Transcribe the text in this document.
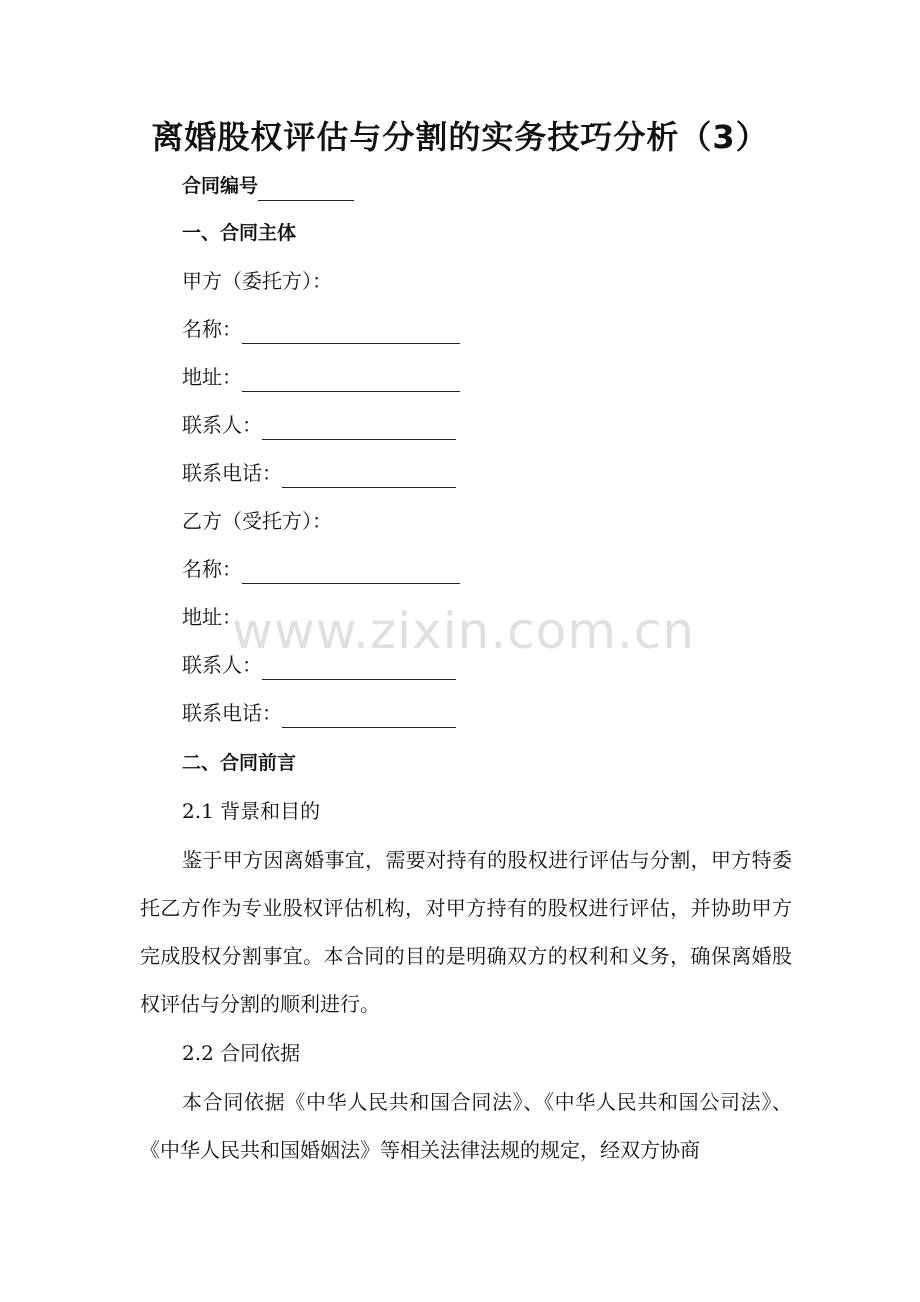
离婚股权评估与分割的实务技巧分析（3）
合同编号
一、合同主体
甲方（委托方）：
名称：
地址：
联系人：
联系电话：
乙方（受托方）：
名称：
地址：
联系人：
联系电话：
二、合同前言
2.1 背景和目的
鉴于甲方因离婚事宜，需要对持有的股权进行评估与分割，甲方特委托乙方作为专业股权评估机构，对甲方持有的股权进行评估，并协助甲方完成股权分割事宜。本合同的目的是明确双方的权利和义务，确保离婚股权评估与分割的顺利进行。
2.2 合同依据
本合同依据《中华人民共和国合同法》、《中华人民共和国公司法》、《中华人民共和国婚姻法》等相关法律法规的规定，经双方协商
www.zixin.com.cn
